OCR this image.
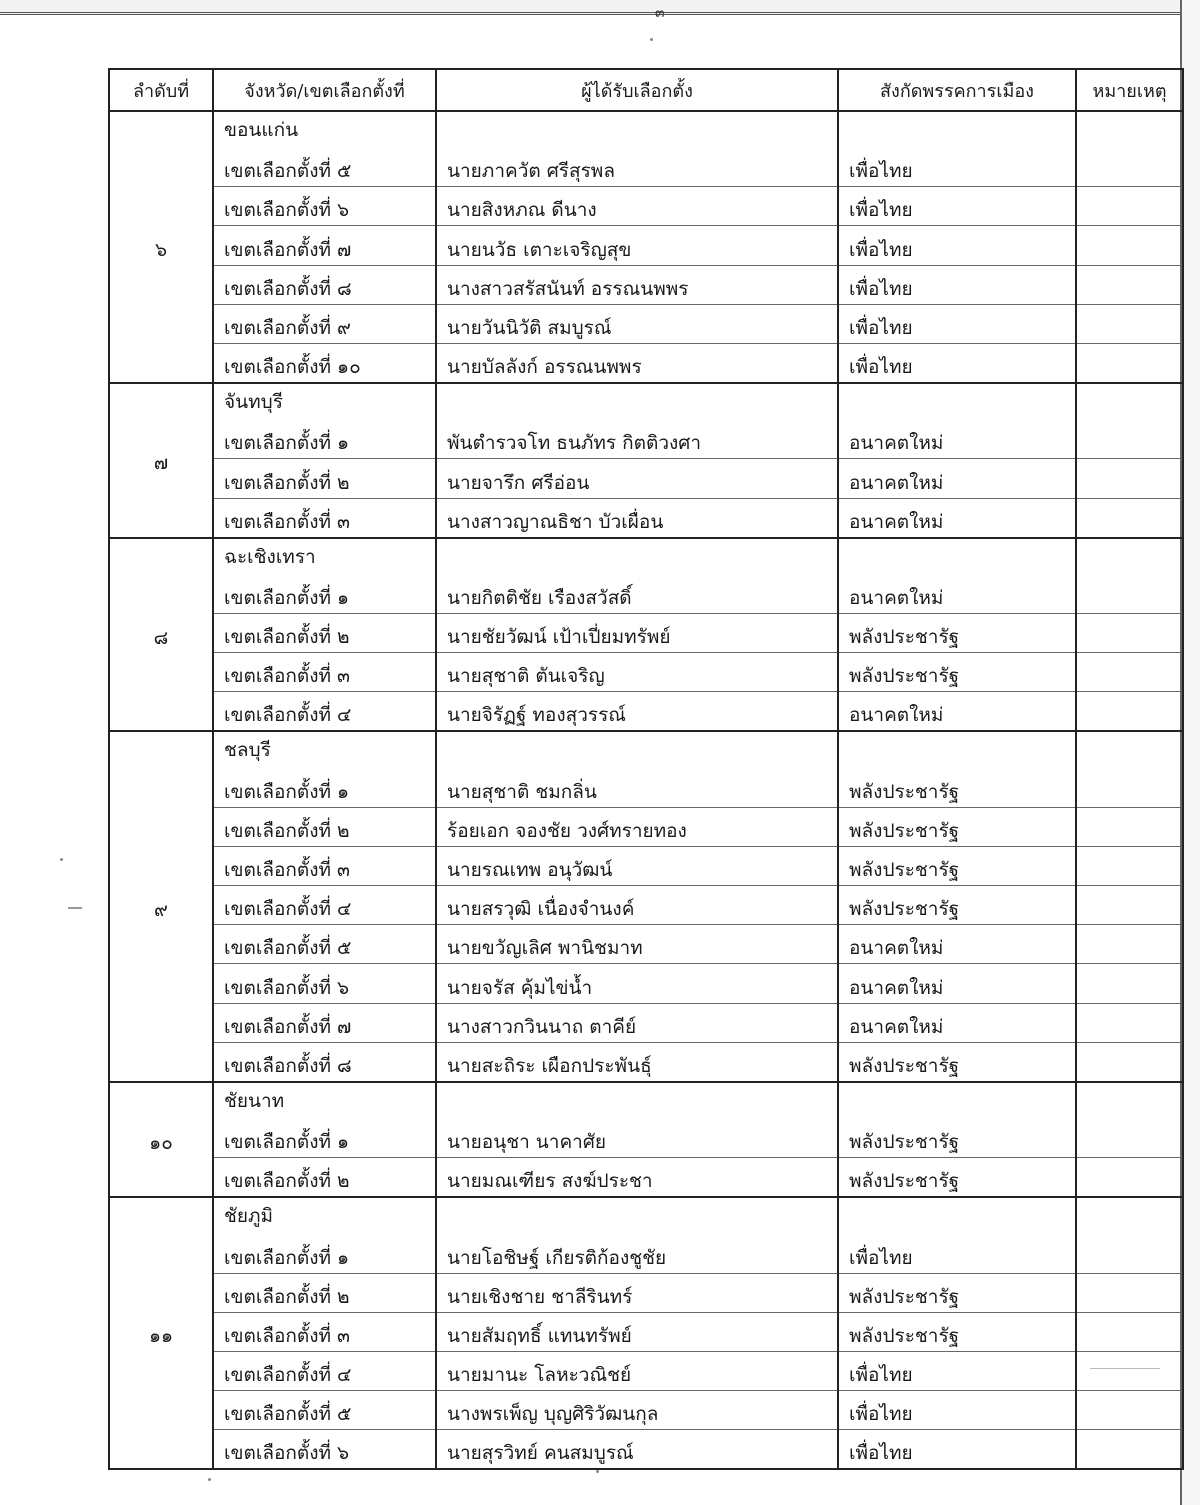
๓
ลำดับที่	จังหวัด/เขตเลือกตั้งที่	ผู้ได้รับเลือกตั้ง	สังกัดพรรคการเมือง	หมายเหตุ
๖	ขอนแก่น			
	เขตเลือกตั้งที่ ๕	นายภาควัต ศรีสุรพล	เพื่อไทย	
	เขตเลือกตั้งที่ ๖	นายสิงหภณ ดีนาง	เพื่อไทย	
	เขตเลือกตั้งที่ ๗	นายนวัธ เตาะเจริญสุข	เพื่อไทย	
	เขตเลือกตั้งที่ ๘	นางสาวสรัสนันท์ อรรณนพพร	เพื่อไทย	
	เขตเลือกตั้งที่ ๙	นายวันนิวัติ สมบูรณ์	เพื่อไทย	
	เขตเลือกตั้งที่ ๑๐	นายบัลลังก์ อรรณนพพร	เพื่อไทย	
๗	จันทบุรี			
	เขตเลือกตั้งที่ ๑	พันตำรวจโท ธนภัทร กิตติวงศา	อนาคตใหม่	
	เขตเลือกตั้งที่ ๒	นายจารึก ศรีอ่อน	อนาคตใหม่	
	เขตเลือกตั้งที่ ๓	นางสาวญาณธิชา บัวเผื่อน	อนาคตใหม่	
๘	ฉะเชิงเทรา			
	เขตเลือกตั้งที่ ๑	นายกิตติชัย เรืองสวัสดิ์	อนาคตใหม่	
	เขตเลือกตั้งที่ ๒	นายชัยวัฒน์ เป้าเปี่ยมทรัพย์	พลังประชารัฐ	
	เขตเลือกตั้งที่ ๓	นายสุชาติ ตันเจริญ	พลังประชารัฐ	
	เขตเลือกตั้งที่ ๔	นายจิรัฏฐ์ ทองสุวรรณ์	อนาคตใหม่	
๙	ชลบุรี			
	เขตเลือกตั้งที่ ๑	นายสุชาติ ชมกลิ่น	พลังประชารัฐ	
	เขตเลือกตั้งที่ ๒	ร้อยเอก จองชัย วงศ์ทรายทอง	พลังประชารัฐ	
	เขตเลือกตั้งที่ ๓	นายรณเทพ อนุวัฒน์	พลังประชารัฐ	
	เขตเลือกตั้งที่ ๔	นายสรวุฒิ เนื่องจำนงค์	พลังประชารัฐ	
	เขตเลือกตั้งที่ ๕	นายขวัญเลิศ พานิชมาท	อนาคตใหม่	
	เขตเลือกตั้งที่ ๖	นายจรัส คุ้มไข่น้ำ	อนาคตใหม่	
	เขตเลือกตั้งที่ ๗	นางสาวกวินนาถ ตาคีย์	อนาคตใหม่	
	เขตเลือกตั้งที่ ๘	นายสะถิระ เผือกประพันธุ์	พลังประชารัฐ	
๑๐	ชัยนาท			
	เขตเลือกตั้งที่ ๑	นายอนุชา นาคาศัย	พลังประชารัฐ	
	เขตเลือกตั้งที่ ๒	นายมณเฑียร สงฆ์ประชา	พลังประชารัฐ	
๑๑	ชัยภูมิ			
	เขตเลือกตั้งที่ ๑	นายโอชิษฐ์ เกียรติก้องชูชัย	เพื่อไทย	
	เขตเลือกตั้งที่ ๒	นายเชิงชาย ชาลีรินทร์	พลังประชารัฐ	
	เขตเลือกตั้งที่ ๓	นายสัมฤทธิ์ แทนทรัพย์	พลังประชารัฐ	
	เขตเลือกตั้งที่ ๔	นายมานะ โลหะวณิชย์	เพื่อไทย	
	เขตเลือกตั้งที่ ๕	นางพรเพ็ญ บุญศิริวัฒนกุล	เพื่อไทย	
	เขตเลือกตั้งที่ ๖	นายสุรวิทย์ คนสมบูรณ์	เพื่อไทย	
